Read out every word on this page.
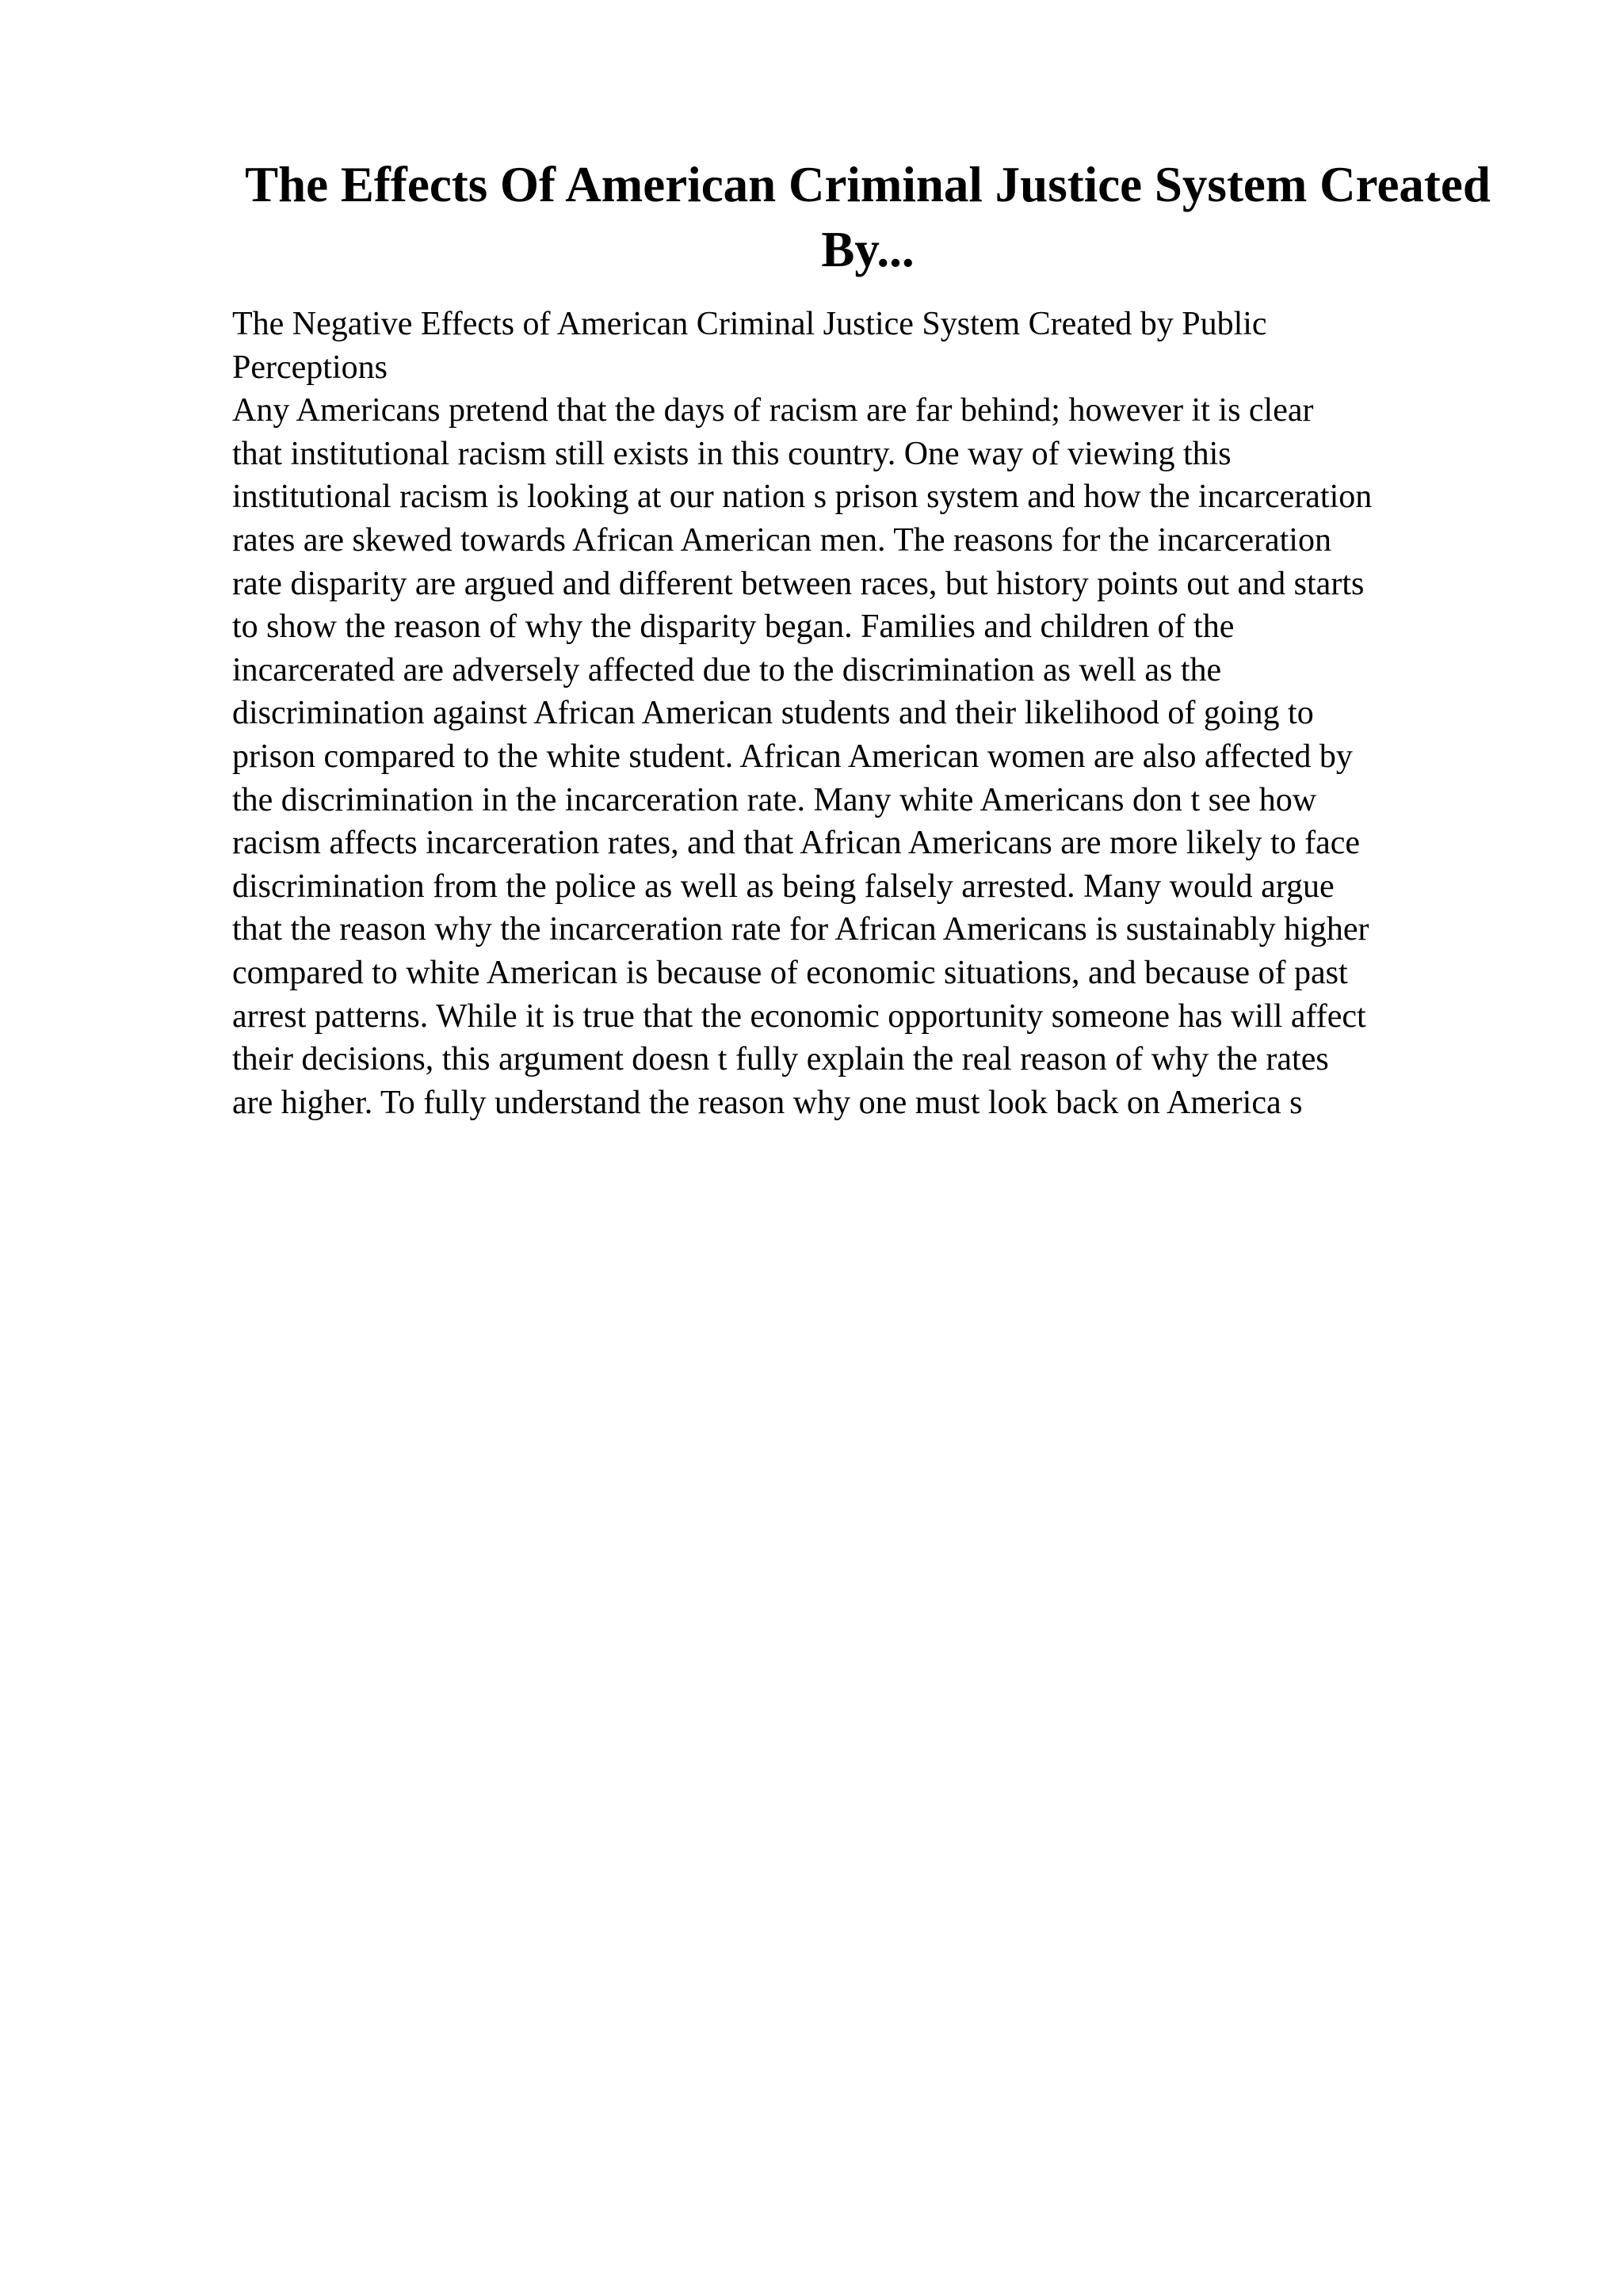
The Effects Of American Criminal Justice System Created
By...
The Negative Effects of American Criminal Justice System Created by Public
Perceptions
Any Americans pretend that the days of racism are far behind; however it is clear
that institutional racism still exists in this country. One way of viewing this
institutional racism is looking at our nation s prison system and how the incarceration
rates are skewed towards African American men. The reasons for the incarceration
rate disparity are argued and different between races, but history points out and starts
to show the reason of why the disparity began. Families and children of the
incarcerated are adversely affected due to the discrimination as well as the
discrimination against African American students and their likelihood of going to
prison compared to the white student. African American women are also affected by
the discrimination in the incarceration rate. Many white Americans don t see how
racism affects incarceration rates, and that African Americans are more likely to face
discrimination from the police as well as being falsely arrested. Many would argue
that the reason why the incarceration rate for African Americans is sustainably higher
compared to white American is because of economic situations, and because of past
arrest patterns. While it is true that the economic opportunity someone has will affect
their decisions, this argument doesn t fully explain the real reason of why the rates
are higher. To fully understand the reason why one must look back on America s
